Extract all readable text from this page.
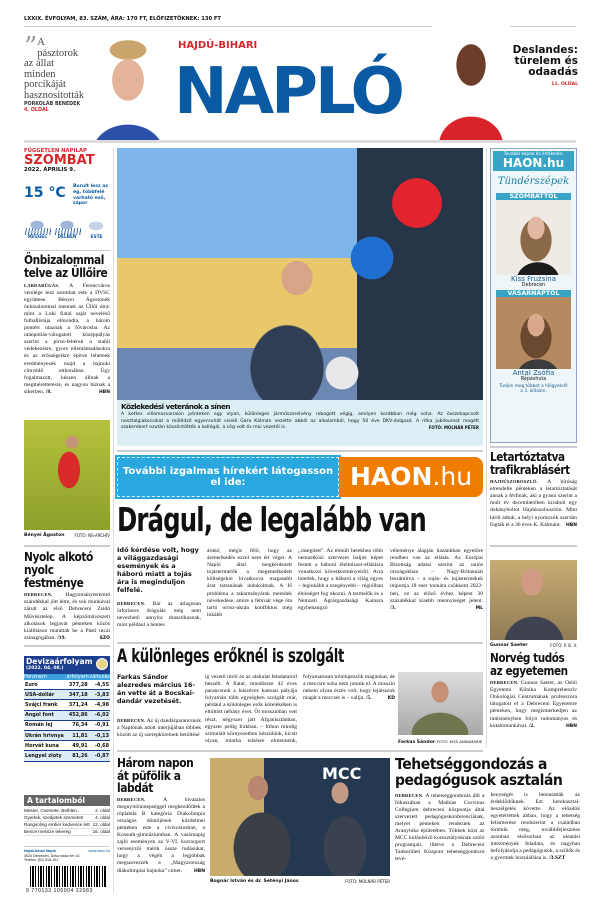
LXXIX. ÉVFOLYAM, 83. SZÁM, ÁRA: 170 FT, ELŐFIZETŐKNEK: 130 FT
” A pásztorok az állat minden porcikáját hasznosították
PORKOLÁB BENEDEK
4. OLDAL
HAJDÚ-BIHARI
NAPLÓ
Deslandes: türelem és odaadás
11. OLDAL
FÜGGETLEN NAPILAP
SZOMBAT
2022. ÁPRILIS 9.
15 °C Borult lesz az ég, többfelé várható eső, zápor
REGGEL	DÉLBEN	ESTE
Önbizalommal telve az Üllőire
LABDARÚGÁS. A Ferencváros vendége lesz szombat este a DVSC együttese. Bényei Ágostonék önbizalommal mennek az Üllői útra: mint a Loki fiatal saját nevelésű futballistája elmondta, a három pontért utaznak a fővárosba. Az utánpótlás-válogatott középpályás szerint a piros-fehérek a stabil védekezésre, gyors ellentámadásokra és az erősségeikre építve lehetnek eredményesek majd a bajnoki címvédő otthonában. Úgy fogalmazott, készen állnak a megmérettetésre, és nagyon bíznak a sikerben. /8.	HBN
Bényei Ágoston FOTÓ: NS-ARCHÍV
Nyolc alkotó nyolc festménye
DEBRECEN. Hagyományteremtő szándékkal jött létre, és sok munkával zárult az első Debreceni Zsidó Művésztelep. A képzőművészeti alkotások legjavát pénteken közös kiállításon mutatták be a Pásti utcai zsinagógában. /19.	SZO
Devizaárfolyam
(2022. 04. 08.)
Pénznem	árfolyam	változás
Euró	377,28	-4,55
USA-dollár	347,18	-3,83
Svájci frank	371,24	-4,98
Angol font	452,86	-6,02
Román lej	76,34	-0,91
Ukrán hrivnya	11,81	-0,13
Horvát kuna	49,91	-0,68
Lengyel zloty	81,26	-0,87
A tartalomból
Mester, Csemete, Bethlen...	2. oldal
Gyertek, szedjetek szemetet!	4. oldal
Rangsoling ember kedvence lett 12. oldal
Bence messze tekereg	16. oldal
Hajdú-bihari Napló	www.haon.hu
4024 Debrecen, Dósa nádor tér 10.
Telefon: (52) 518-101
9 770133 105004 22083
Közlekedési veteránok a sínen
A kettes villamosvonalon pénteken egy olyan, különleges járműszerelvény robogott végig, amilyen korábban még soha. Az összekapcsolt nosztalgiakocsikat a műlődző egyenruhát viselő Gara Kálmán vezette abból az alkalomból, hogy 50 éve DKV-dolgozó. A ritka jubileumot megélt szakembert ezután köszöntötték a kollégái, a cég volt és mai vezetői is.	FOTÓ: MOLNÁR PÉTER
További izgalmas hírekért látogasson el ide:	HAON.hu
Drágul, de legalább van
Idő kérdése volt, hogy a világgazdasági események és a háború miatt a tojás ára is meginduljon felfelé.
DEBRECEN. Bár az átlagosan ötforintos drágulás még nem nevezhető annyira drasztikusnak, mint például a hentes
áruké, mégis félő, hogy az áremelkedés ezzel nem ért véget. A Napló által megkérdezett tojástermelők a megemelkedett költségekre hivatkozva magasabb árat tartanának indokoltnak. A fő probléma a takarmányárak meredek növekedése, amire a február vége óta tartó orosz-ukrán konfliktus még inkább
„rásegített”. Az elmúlt hetekben több nemzetközi szervezet baljós képet festett a háború élelmiszer-ellátásra vonatkozó következményeiről. Arra intettek, hogy a háború a világ egyes – leginkább a szegényebb – régióiban éhínséget fog okozni. A termelők és a Nemzeti Agrárgazdasági Kamara egybehangzó
véleménye alapján hazánkban egyelőre rendben van az ellátás. Az Európai Bizottság adatai szerint az uniós országokban – Nagy-Britanniát leszámítva – a tojás- és tojástermékek importja 18 ezer tonnára csökkent 2022-ben, ez az előző évhez képest 30 százalékkal kisebb mennyiséget jelent. /3.	ML
A különleges erőknél is szolgált
Farkas Sándor alezredes március 16-án vette át a Bocskai-dandár vezetését.
DEBRECEN. Az új dandárparancsnok a Naplónak adott interjújában többek között az új szerepköreinek betöltésé
ig vezető útról és az alakulat feladatairól beszélt. A fiatal, mindössze 42 éves parancsnok a húszéves katonai pályája folyamán több egységben szolgált már, például a különleges erők kötelékében is eltöltött néhány évet. Öt misszióban vett részt, négyszer járt Afganisztánban, egyszer pedig Irakban. – Itthon mindig szimulált környezetben készülünk, kicsit olyan, mintha edzésre elmennénk, folyamatosan tréningezzük magunkat, de a meccsre soha nem jutunk el. A misszió nekem olyan érzés volt, hogy lejátsszuk magát a meccset is – vallja. /5.	KD
Farkas Sándor FOTÓ: KISS ANNAMARIE
Három napon át püfölik a labdát
DEBRECEN.	A hivatalos megnyitóünnepséggel megkezdődtek a röplabda B kategória Diákolimpia országos döntőjének küzdelmei pénteken este a cívisvárosban, a Kossuth-gimnáziumban. A vasárnapig zajló eseményen az V-VI. korcsoport versenyzői mérik össze tudásukat, hogy a végén a legjobbak megszerezzék a „Magyarország diákolimpiai bajnoka” címet.	HBN
MCC
Bognár István és dr. Setényi János	FOTÓ: MOLNÁR PÉTER
Tehetséggondozás a pedagógusok asztalán
DEBRECEN. A tehetséggondozás állt a fókuszában a Mathias Corvinus Collegium debreceni központja által szervezett pedagóguskonferenciának, melyet pénteken rendeztek az Aranybika épületében. Többek közt az MCC különböző korosztályoknak szóló programjait, illetve a Debreceni Tankerületi Központ tehetséggondozó tevé-
kenységét is bemutatták az érdeklődőknek. Ezt kerekasztal-beszélgetés követte. Az előadók egyetértettek abban, hogy a tehetség felismerése rendszerint a családban történik meg, továbbfejlesztése azonban elsősorban az oktatási intézmények feladata, és nagyban befolyásolja a pedagógusok, a szülők és a gyermek hozzáállása is. /3.SZT
További képek és értékelés:
HAON.hu
Tündérszépek
SZOMBATTÓL
Kiss Fruzsina
Debrecen
VASÁRNAPTÓL
Antal Zsófia
Répáshuta
Tudjon meg többet a hölgyekről a 3. oldalon.
Letartóztatva trafikrablásért
HAJDÚSZOBOSZLÓ. A bíróság elrendelte pénteken a letartóztatását annak a férfinak, aki a gyanú szerint a múlt év decemberében kirabolt egy dohányboltot Hajdúszoboszlón. Mint hírül adtuk, a helyi nyomozók szerdán fogták el a 36 éves K. Kálmánt. HBN
Gunnar Saeter	FOTÓ: P. B. V.
Norvég tudós az egyetemen
DEBRECEN. Gunnar Saeter, az Oslói Egyetemi Klinika Komprehenzív Onkológiai Centrumának professzora látogatott el a Debreceni Egyetemre pénteken, hogy megismerkedjen az intézményben folyó tudományos és kutatómunkával. /2.	HBN
